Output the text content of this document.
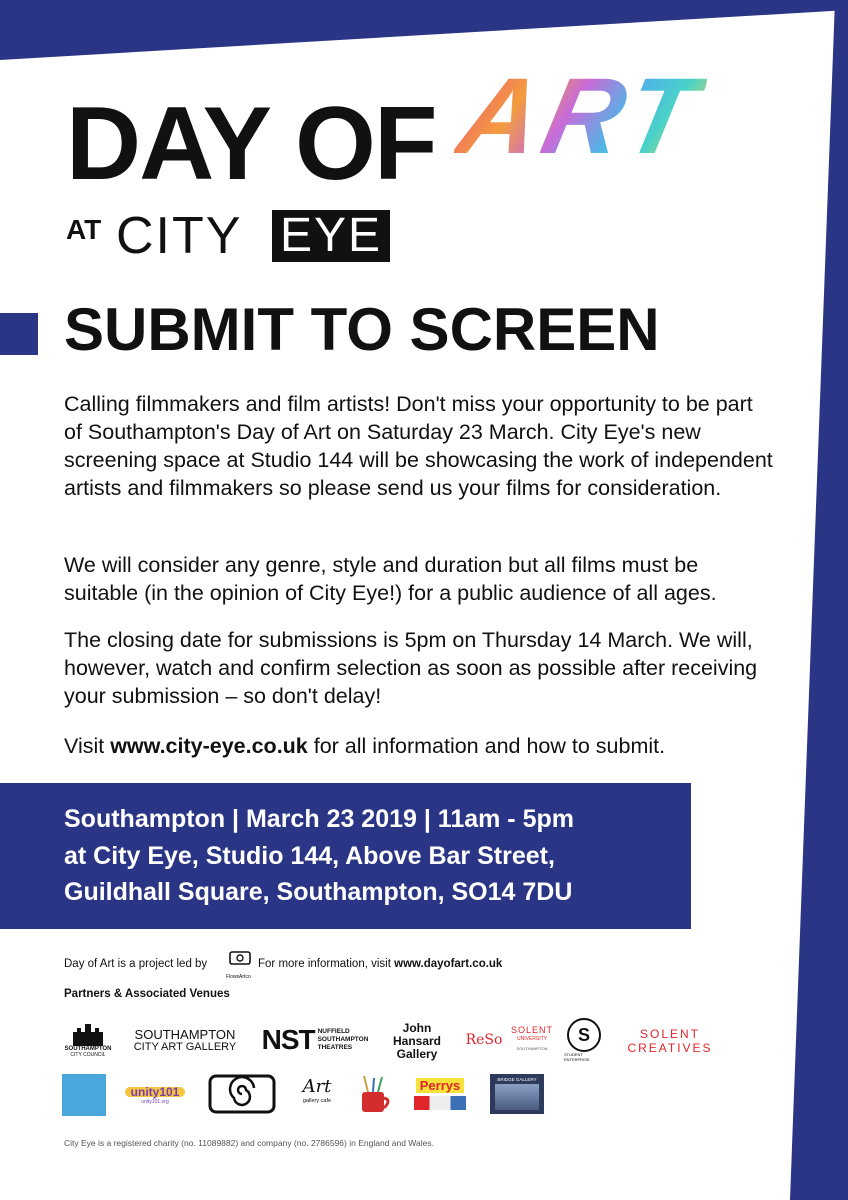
DAY OF ART
AT CITY EYE
SUBMIT TO SCREEN

Calling filmmakers and film artists! Don't miss your opportunity to be part of Southampton's Day of Art on Saturday 23 March. City Eye's new screening space at Studio 144 will be showcasing the work of independent artists and filmmakers so please send us your films for consideration.

We will consider any genre, style and duration but all films must be suitable (in the opinion of City Eye!) for a public audience of all ages.

The closing date for submissions is 5pm on Thursday 14 March. We will, however, watch and confirm selection as soon as possible after receiving your submission – so don't delay!

Visit www.city-eye.co.uk for all information and how to submit.

Southampton | March 23 2019 | 11am - 5pm
at City Eye, Studio 144, Above Bar Street,
Guildhall Square, Southampton, SO14 7DU
Day of Art is a project led by
FlowsArtco
For more information, visit www.dayofart.co.uk
Partners & Associated Venues
SOUTHAMPTON
CITY COUNCIL
SOUTHAMPTON
CITY ART GALLERY NST NUFFIELD
SOUTHAMPTON
THEATRES
John
Hansard
Gallery
ReSo
SOLENT
UNIVERSITY
SOUTHAMPTON
S
STUDENT ENTERPRISE
SOLENT
CREATIVES
unity101
unity101.org
Art
gallery cafe
Perrys	BRIDGE GALLERY
City Eye is a registered charity (no. 11089882) and company (no. 2786596) in England and Wales.
